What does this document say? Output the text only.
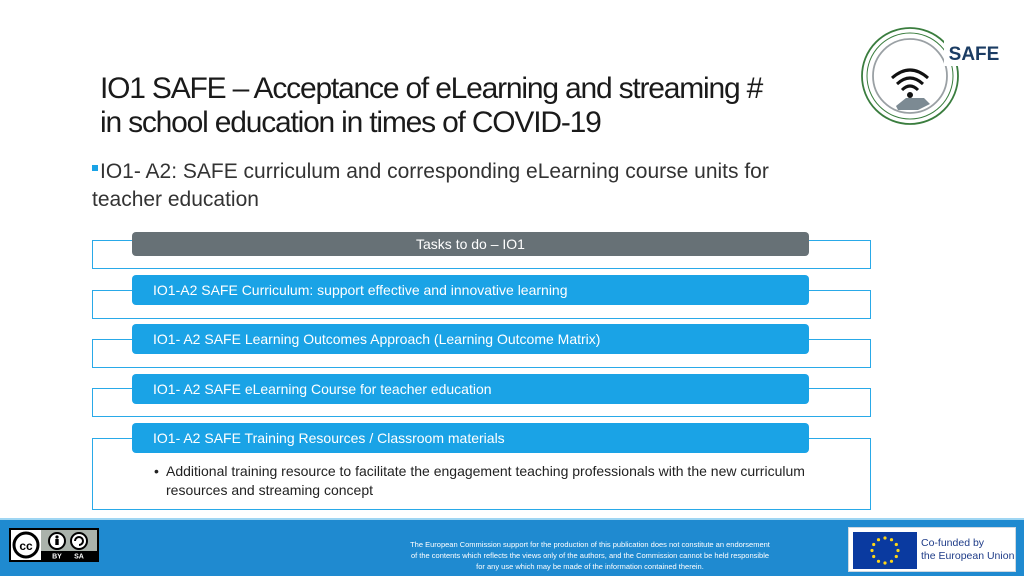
IO1 SAFE – Acceptance of eLearning and streaming #
in school education in times of COVID-19
SAFE
IO1- A2: SAFE curriculum and corresponding eLearning course units for teacher education
Tasks to do – IO1
IO1-A2 SAFE Curriculum: support effective and innovative learning
IO1- A2 SAFE Learning Outcomes Approach (Learning Outcome Matrix)
IO1- A2 SAFE eLearning Course for teacher education
IO1- A2 SAFE Training Resources / Classroom materials
• Additional training resource to facilitate the engagement teaching professionals with the new curriculum resources and streaming concept
cc
BY SA
The European Commission support for the production of this publication does not constitute an endorsement
of the contents which reflects the views only of the authors, and the Commission cannot be held responsible
for any use which may be made of the information contained therein.
Co-funded by
the European Union
